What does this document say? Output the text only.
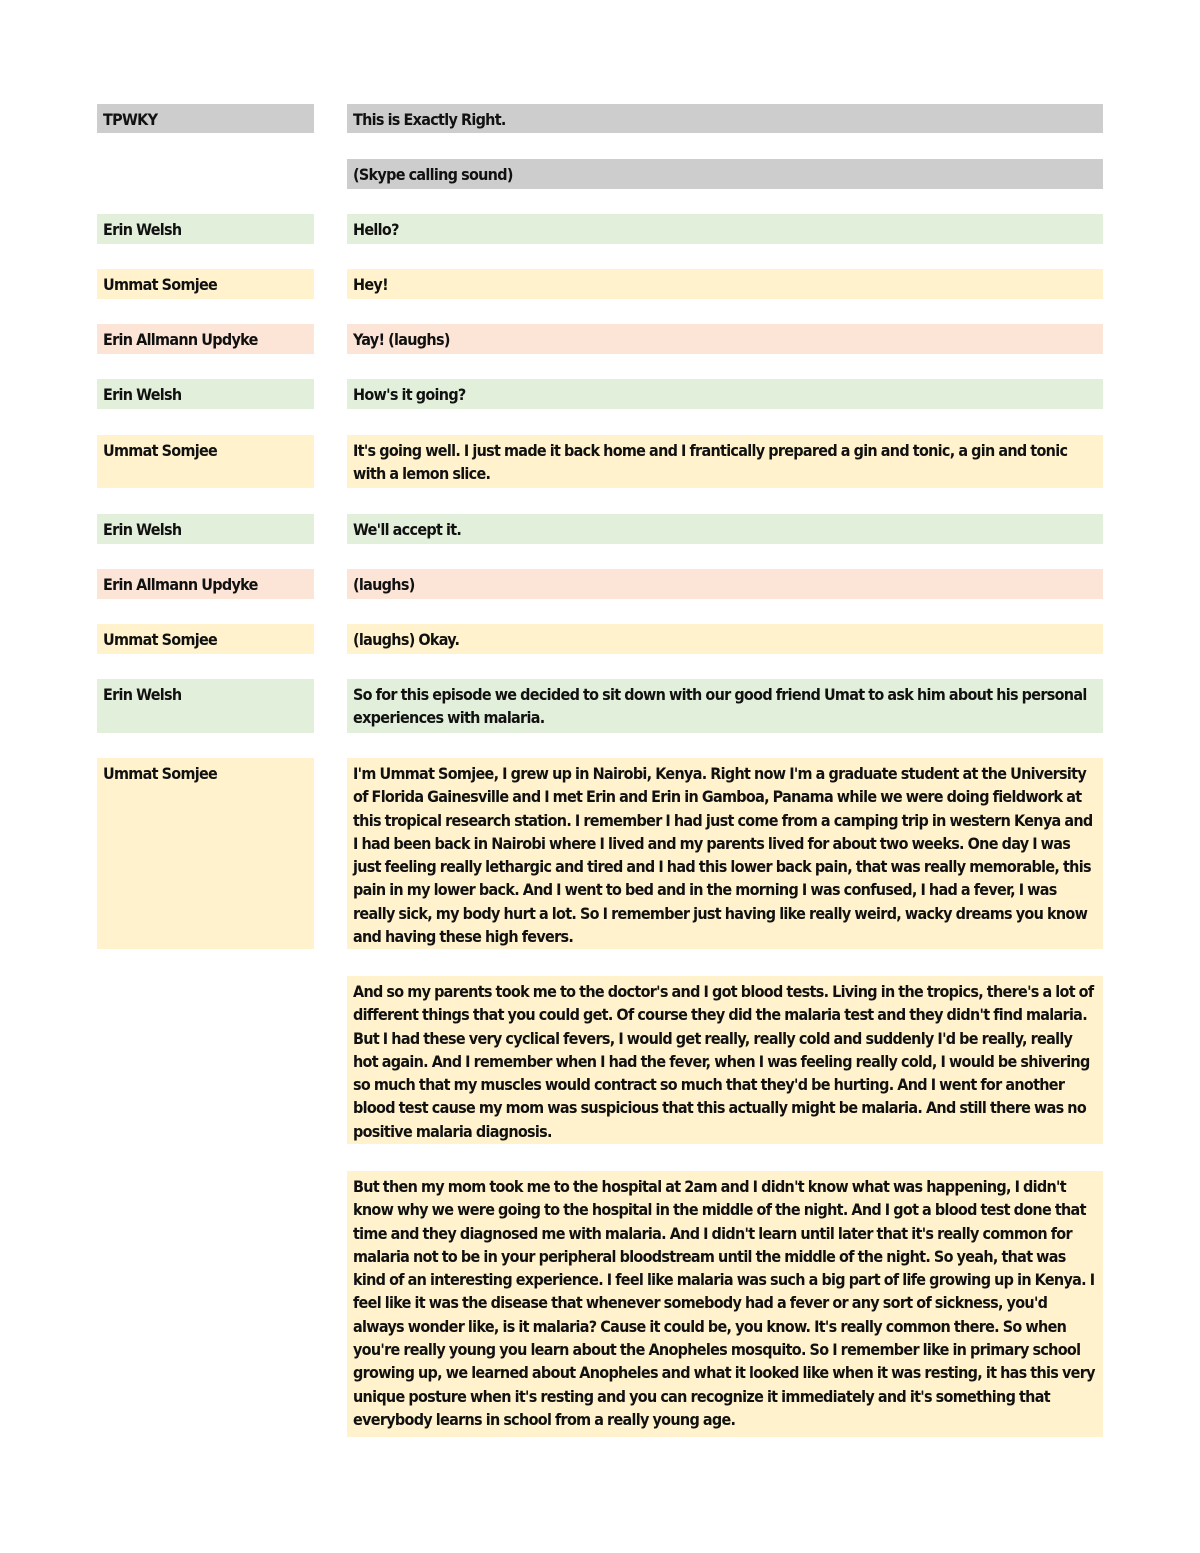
TPWKY	This is Exactly Right.
(Skype calling sound)
Erin Welsh	Hello?
Ummat Somjee	Hey!
Erin Allmann Updyke	Yay! (laughs)
Erin Welsh	How's it going?
Ummat Somjee	It's going well. I just made it back home and I frantically prepared a gin and tonic, a gin and tonic with a lemon slice.
Erin Welsh	We'll accept it.
Erin Allmann Updyke	(laughs)
Ummat Somjee	(laughs) Okay.
Erin Welsh	So for this episode we decided to sit down with our good friend Umat to ask him about his personal experiences with malaria.
Ummat Somjee	I'm Ummat Somjee, I grew up in Nairobi, Kenya. Right now I'm a graduate student at the University of Florida Gainesville and I met Erin and Erin in Gamboa, Panama while we were doing fieldwork at this tropical research station. I remember I had just come from a camping trip in western Kenya and I had been back in Nairobi where I lived and my parents lived for about two weeks. One day I was just feeling really lethargic and tired and I had this lower back pain, that was really memorable, this pain in my lower back. And I went to bed and in the morning I was confused, I had a fever, I was really sick, my body hurt a lot. So I remember just having like really weird, wacky dreams you know and having these high fevers.
And so my parents took me to the doctor's and I got blood tests. Living in the tropics, there's a lot of different things that you could get. Of course they did the malaria test and they didn't find malaria. But I had these very cyclical fevers, I would get really, really cold and suddenly I'd be really, really hot again. And I remember when I had the fever, when I was feeling really cold, I would be shivering so much that my muscles would contract so much that they'd be hurting. And I went for another blood test cause my mom was suspicious that this actually might be malaria. And still there was no positive malaria diagnosis.
But then my mom took me to the hospital at 2am and I didn't know what was happening, I didn't know why we were going to the hospital in the middle of the night. And I got a blood test done that time and they diagnosed me with malaria. And I didn't learn until later that it's really common for malaria not to be in your peripheral bloodstream until the middle of the night. So yeah, that was kind of an interesting experience. I feel like malaria was such a big part of life growing up in Kenya. I feel like it was the disease that whenever somebody had a fever or any sort of sickness, you'd always wonder like, is it malaria? Cause it could be, you know. It's really common there. So when you're really young you learn about the Anopheles mosquito. So I remember like in primary school growing up, we learned about Anopheles and what it looked like when it was resting, it has this very unique posture when it's resting and you can recognize it immediately and it's something that everybody learns in school from a really young age.
